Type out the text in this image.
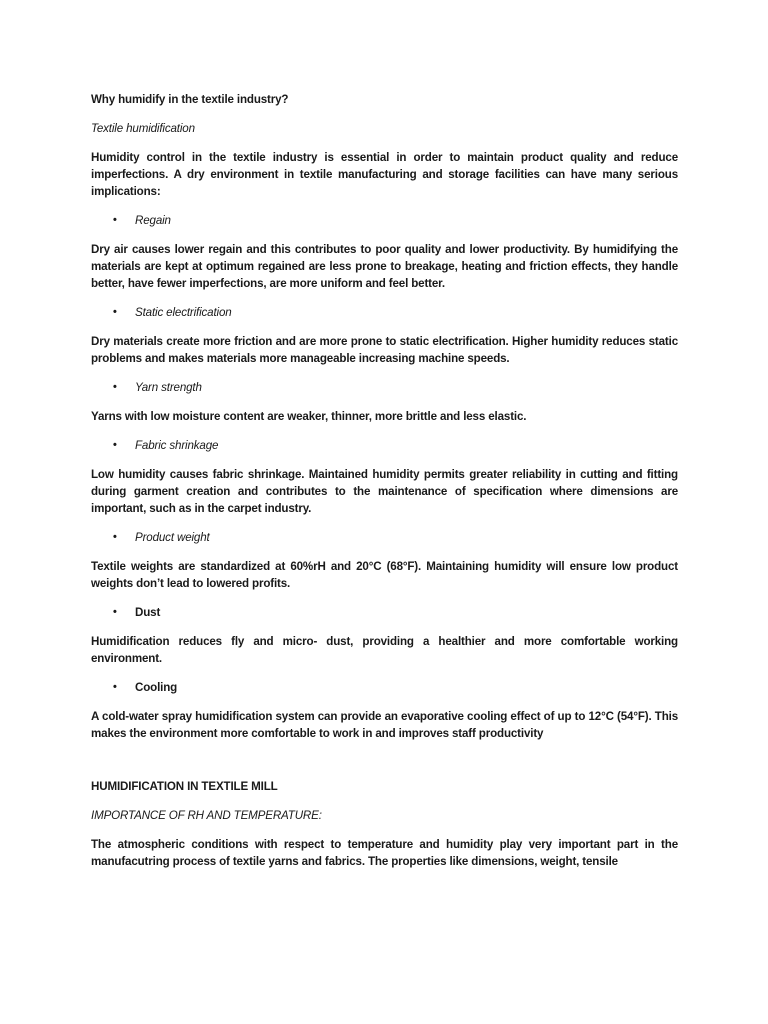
Why humidify in the textile industry?
Textile humidification
Humidity control in the textile industry is essential in order to maintain product quality and reduce imperfections. A dry environment in textile manufacturing and storage facilities can have many serious implications:
•	Regain
Dry air causes lower regain and this contributes to poor quality and lower productivity. By humidifying the materials are kept at optimum regained are less prone to breakage, heating and friction effects, they handle better, have fewer imperfections, are more uniform and feel better.
•	Static electrification
Dry materials create more friction and are more prone to static electrification. Higher humidity reduces static problems and makes materials more manageable increasing machine speeds.
•	Yarn strength
Yarns with low moisture content are weaker, thinner, more brittle and less elastic.
•	Fabric shrinkage
Low humidity causes fabric shrinkage. Maintained humidity permits greater reliability in cutting and fitting during garment creation and contributes to the maintenance of specification where dimensions are important, such as in the carpet industry.
•	Product weight
Textile weights are standardized at 60%rH and 20°C (68°F). Maintaining humidity will ensure low product weights don’t lead to lowered profits.
•	Dust
Humidification reduces fly and micro- dust, providing a healthier and more comfortable working environment.
•	Cooling
A cold-water spray humidification system can provide an evaporative cooling effect of up to 12°C (54°F). This makes the environment more comfortable to work in and improves staff productivity
HUMIDIFICATION IN TEXTILE MILL
IMPORTANCE OF RH AND TEMPERATURE:
The atmospheric conditions with respect to temperature and humidity play very important part in the manufacutring process of textile yarns and fabrics. The properties like dimensions, weight, tensile
